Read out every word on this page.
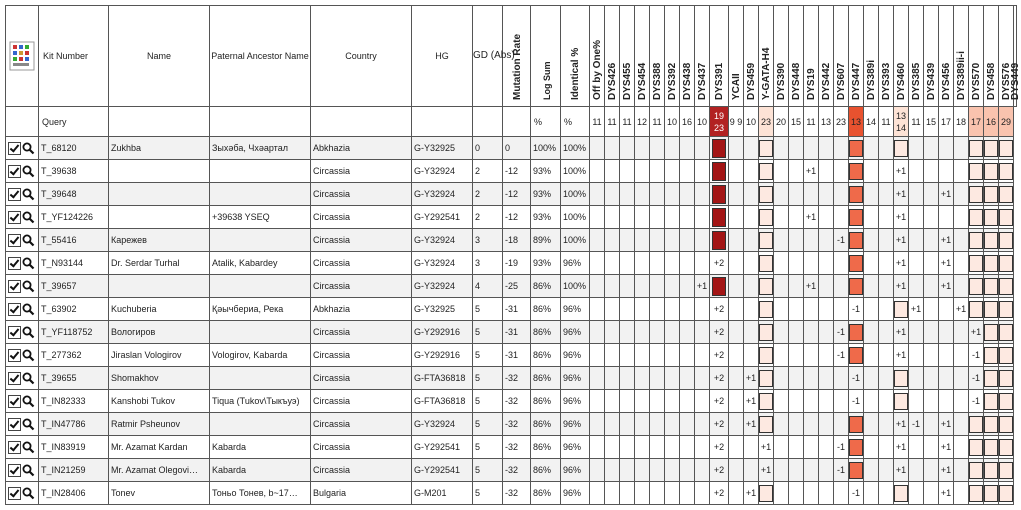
	Kit Number	Name	Paternal Ancestor Name	Country	HG	GD (Abs)	Mutation Rate	Log Sum	Identical %	Off by One%	DYS426	DYS455	DYS454	DYS388	DYS392	DYS438	DYS437	DYS391	YCAII	DYS459	Y-GATA-H4	DYS390	DYS448	DYS19	DYS442	DYS607	DYS447	DYS389i	DYS393	DYS460	DYS385	DYS439	DYS456	DYS389ii-i	DYS570	DYS458	DYS576	DYS449

	Query							%	%	11	11	11	12	11	10	16	10	19 23	9 9	10	23	20	15	11	13	23	13	14	11	13 14	11	15	17	18	17	16	29	
	T_68120	Zukhba	Зыхәба, Чхәартал	Abkhazia	G-Y32925	0	0	100%	100%										

	T_39638			Circassia	G-Y32924	2	-12	93%	100%															+1						+1						

	T_39648			Circassia	G-Y32924	2	-12	93%	100%																					+1			+1			

	T_YF124226		+39638 YSEQ	Circassia	G-Y292541	2	-12	93%	100%															+1						+1						

	T_55416	Карежев		Circassia	G-Y32924	3	-18	89%	100%																	-1				+1			+1			

	T_N93144	Dr. Serdar Turhal	Atalik, Kabardey	Circassia	G-Y32924	3	-19	93%	96%									+2												+1			+1			

	T_39657			Circassia	G-Y32924	4	-25	86%	100%								+1							+1						+1			+1			

	T_63902	Kuchuberia	Қәычбериа, Река	Abkhazia	G-Y32925	5	-31	86%	96%									+2									-1				+1			+1		

	T_YF118752	Вологиров		Circassia	G-Y292916	5	-31	86%	96%									+2								-1				+1					+1		

	T_277362	Jiraslan Vologirov	Vologirov, Kabarda	Circassia	G-Y292916	5	-31	86%	96%									+2								-1				+1					-1		

	T_39655	Shomakhov		Circassia	G-FTA36818	5	-32	86%	96%									+2		+1							-1								-1		

	T_IN82333	Kanshobi Tukov	Tiqua (Tukov\Тыкъуэ)	Circassia	G-FTA36818	5	-32	86%	96%									+2		+1							-1								-1		

	T_IN47786	Ratmir Psheunov		Circassia	G-Y32924	5	-32	86%	96%									+2		+1										+1	-1		+1			

	T_IN83919	Mr. Azamat Kardan	Kabarda	Circassia	G-Y292541	5	-32	86%	96%									+2			+1					-1				+1			+1			

	T_IN21259	Mr. Azamat Olegovi…	Kabarda	Circassia	G-Y292541	5	-32	86%	96%									+2			+1					-1				+1			+1			

	T_IN28406	Tonev	Тоньо Тонев, b~17…	Bulgaria	G-M201	5	-32	86%	96%									+2		+1							-1						+1			
